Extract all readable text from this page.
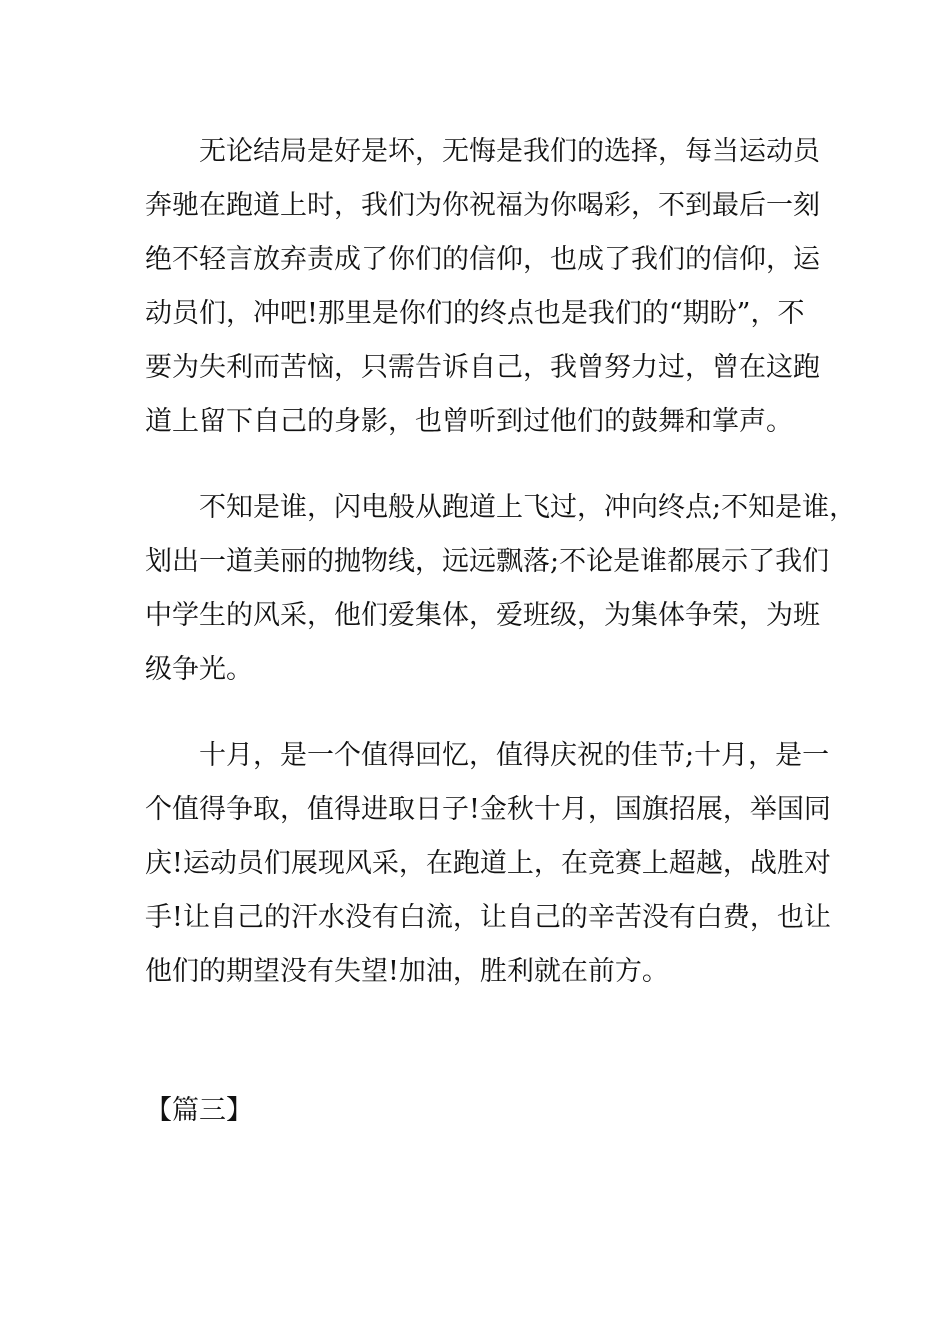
无论结局是好是坏，无悔是我们的选择，每当运动员
奔驰在跑道上时，我们为你祝福为你喝彩，不到最后一刻
绝不轻言放弃责成了你们的信仰，也成了我们的信仰，运
动员们，冲吧!那里是你们的终点也是我们的“期盼”，不
要为失利而苦恼，只需告诉自己，我曾努力过，曾在这跑
道上留下自己的身影，也曾听到过他们的鼓舞和掌声。
不知是谁，闪电般从跑道上飞过，冲向终点;不知是谁，
划出一道美丽的抛物线，远远飘落;不论是谁都展示了我们
中学生的风采，他们爱集体，爱班级，为集体争荣，为班
级争光。
十月，是一个值得回忆，值得庆祝的佳节;十月，是一
个值得争取，值得进取日子!金秋十月，国旗招展，举国同
庆!运动员们展现风采，在跑道上，在竞赛上超越，战胜对
手!让自己的汗水没有白流，让自己的辛苦没有白费，也让
他们的期望没有失望!加油，胜利就在前方。
【篇三】
